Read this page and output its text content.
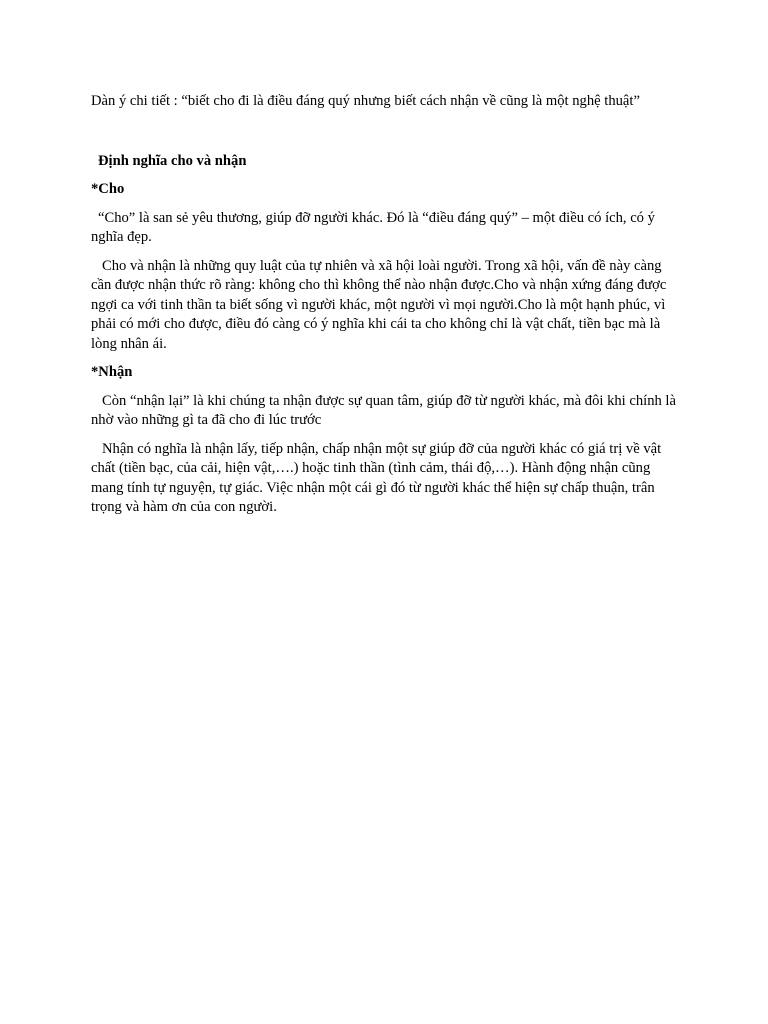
Dàn ý chi tiết : “biết cho đi là điều đáng quý nhưng biết cách nhận về cũng là một nghệ thuật”

Định nghĩa cho và nhận

*Cho

“Cho” là san sẻ yêu thương, giúp đỡ người khác. Đó là “điều đáng quý” – một điều có ích, có ý nghĩa đẹp.

Cho và nhận là những quy luật của tự nhiên và xã hội loài người. Trong xã hội, vấn đề này càng cần được nhận thức rõ ràng: không cho thì không thể nào nhận được.Cho và nhận xứng đáng được ngợi ca với tinh thần ta biết sống vì người khác, một người vì mọi người.Cho là một hạnh phúc, vì phải có mới cho được, điều đó càng có ý nghĩa khi cái ta cho không chỉ là vật chất, tiền bạc mà là lòng nhân ái.

*Nhận

Còn “nhận lại” là khi chúng ta nhận được sự quan tâm, giúp đỡ từ người khác, mà đôi khi chính là nhờ vào những gì ta đã cho đi lúc trước

Nhận có nghĩa là nhận lấy, tiếp nhận, chấp nhận một sự giúp đỡ của người khác có giá trị về vật chất (tiền bạc, của cải, hiện vật,….) hoặc tinh thần (tình cảm, thái độ,…). Hành động nhận cũng mang tính tự nguyện, tự giác. Việc nhận một cái gì đó từ người khác thể hiện sự chấp thuận, trân trọng và hàm ơn của con người.
